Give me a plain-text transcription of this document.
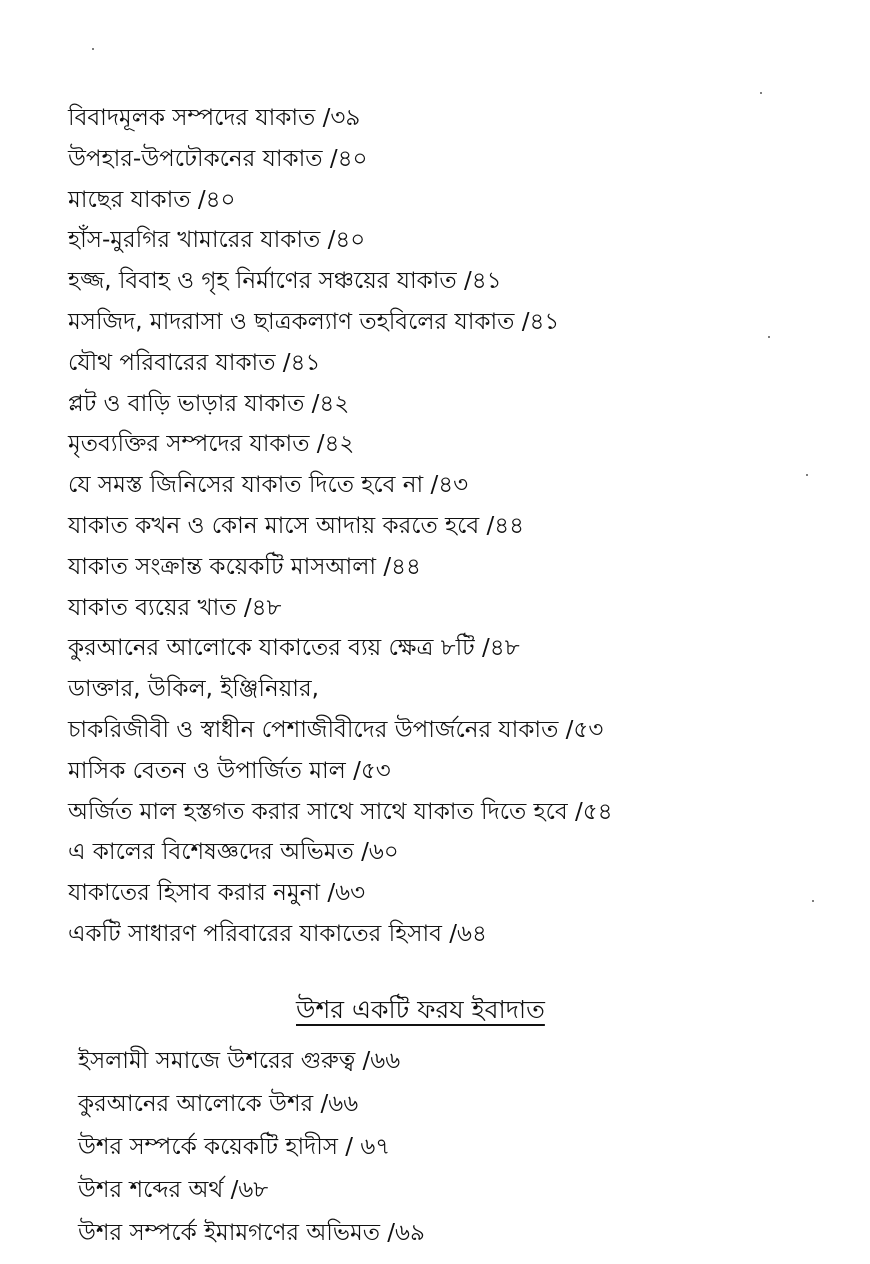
বিবাদমূলক সম্পদের যাকাত /৩৯
উপহার-উপঢৌকনের যাকাত /৪০
মাছের যাকাত /৪০
হাঁস-মুরগির খামারের যাকাত /৪০
হজ্জ, বিবাহ ও গৃহ নির্মাণের সঞ্চয়ের যাকাত /৪১
মসজিদ, মাদরাসা ও ছাত্রকল্যাণ তহবিলের যাকাত /৪১
যৌথ পরিবারের যাকাত /৪১
প্লট ও বাড়ি ভাড়ার যাকাত /৪২
মৃতব্যক্তির সম্পদের যাকাত /৪২
যে সমস্ত জিনিসের যাকাত দিতে হবে না /৪৩
যাকাত কখন ও কোন মাসে আদায় করতে হবে /৪৪
যাকাত সংক্রান্ত কয়েকটি মাসআলা /৪৪
যাকাত ব্যয়ের খাত /৪৮
কুরআনের আলোকে যাকাতের ব্যয় ক্ষেত্র ৮টি /৪৮
ডাক্তার, উকিল, ইঞ্জিনিয়ার,
চাকরিজীবী ও স্বাধীন পেশাজীবীদের উপার্জনের যাকাত /৫৩
মাসিক বেতন ও উপার্জিত মাল /৫৩
অর্জিত মাল হস্তগত করার সাথে সাথে যাকাত দিতে হবে /৫৪
এ কালের বিশেষজ্ঞদের অভিমত /৬০
যাকাতের হিসাব করার নমুনা /৬৩
একটি সাধারণ পরিবারের যাকাতের হিসাব /৬৪
উশর একটি ফরয ইবাদাত
ইসলামী সমাজে উশরের গুরুত্ব /৬৬
কুরআনের আলোকে উশর /৬৬
উশর সম্পর্কে কয়েকটি হাদীস / ৬৭
উশর শব্দের অর্থ /৬৮
উশর সম্পর্কে ইমামগণের অভিমত /৬৯
